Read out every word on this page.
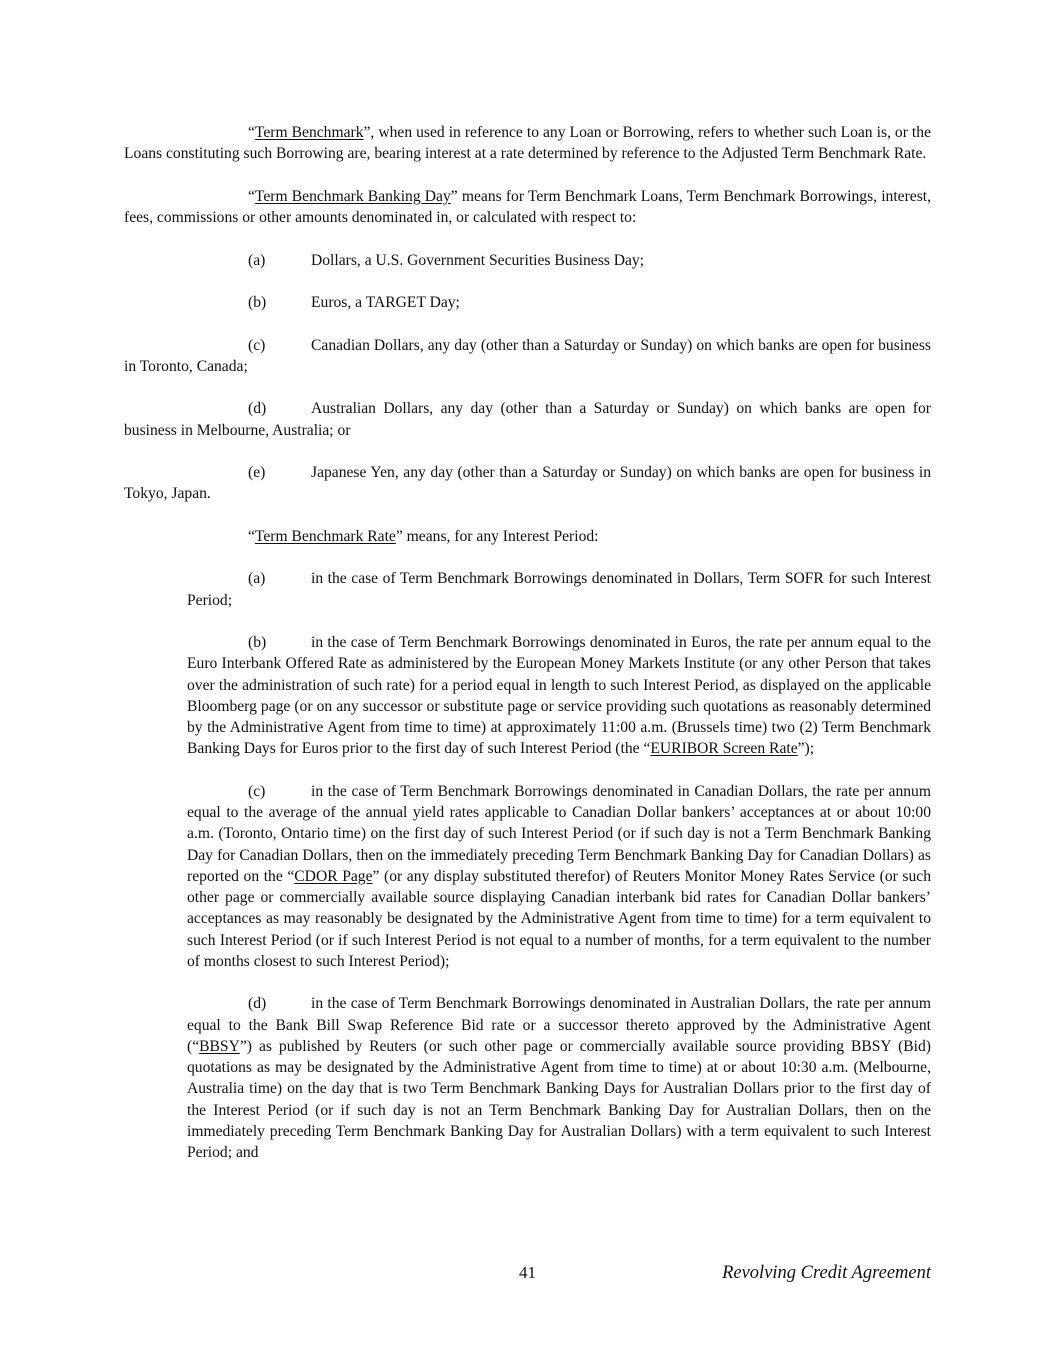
“Term Benchmark”, when used in reference to any Loan or Borrowing, refers to whether such Loan is, or the Loans constituting such Borrowing are, bearing interest at a rate determined by reference to the Adjusted Term Benchmark Rate.

“Term Benchmark Banking Day” means for Term Benchmark Loans, Term Benchmark Borrowings, interest, fees, commissions or other amounts denominated in, or calculated with respect to:

(a)	Dollars, a U.S. Government Securities Business Day;

(b)	Euros, a TARGET Day;

(c)	Canadian Dollars, any day (other than a Saturday or Sunday) on which banks are open for business in Toronto, Canada;

(d)	Australian Dollars, any day (other than a Saturday or Sunday) on which banks are open for business in Melbourne, Australia; or

(e)	Japanese Yen, any day (other than a Saturday or Sunday) on which banks are open for business in Tokyo, Japan.

“Term Benchmark Rate” means, for any Interest Period:

(a)	in the case of Term Benchmark Borrowings denominated in Dollars, Term SOFR for such Interest Period;

(b)	in the case of Term Benchmark Borrowings denominated in Euros, the rate per annum equal to the Euro Interbank Offered Rate as administered by the European Money Markets Institute (or any other Person that takes over the administration of such rate) for a period equal in length to such Interest Period, as displayed on the applicable Bloomberg page (or on any successor or substitute page or service providing such quotations as reasonably determined by the Administrative Agent from time to time) at approximately 11:00 a.m. (Brussels time) two (2) Term Benchmark Banking Days for Euros prior to the first day of such Interest Period (the “EURIBOR Screen Rate”);

(c)	in the case of Term Benchmark Borrowings denominated in Canadian Dollars, the rate per annum equal to the average of the annual yield rates applicable to Canadian Dollar bankers’ acceptances at or about 10:00 a.m. (Toronto, Ontario time) on the first day of such Interest Period (or if such day is not a Term Benchmark Banking Day for Canadian Dollars, then on the immediately preceding Term Benchmark Banking Day for Canadian Dollars) as reported on the “CDOR Page” (or any display substituted therefor) of Reuters Monitor Money Rates Service (or such other page or commercially available source displaying Canadian interbank bid rates for Canadian Dollar bankers’ acceptances as may reasonably be designated by the Administrative Agent from time to time) for a term equivalent to such Interest Period (or if such Interest Period is not equal to a number of months, for a term equivalent to the number of months closest to such Interest Period);

(d)	in the case of Term Benchmark Borrowings denominated in Australian Dollars, the rate per annum equal to the Bank Bill Swap Reference Bid rate or a successor thereto approved by the Administrative Agent (“BBSY”) as published by Reuters (or such other page or commercially available source providing BBSY (Bid) quotations as may be designated by the Administrative Agent from time to time) at or about 10:30 a.m. (Melbourne, Australia time) on the day that is two Term Benchmark Banking Days for Australian Dollars prior to the first day of the Interest Period (or if such day is not an Term Benchmark Banking Day for Australian Dollars, then on the immediately preceding Term Benchmark Banking Day for Australian Dollars) with a term equivalent to such Interest Period; and

41	Revolving Credit Agreement
